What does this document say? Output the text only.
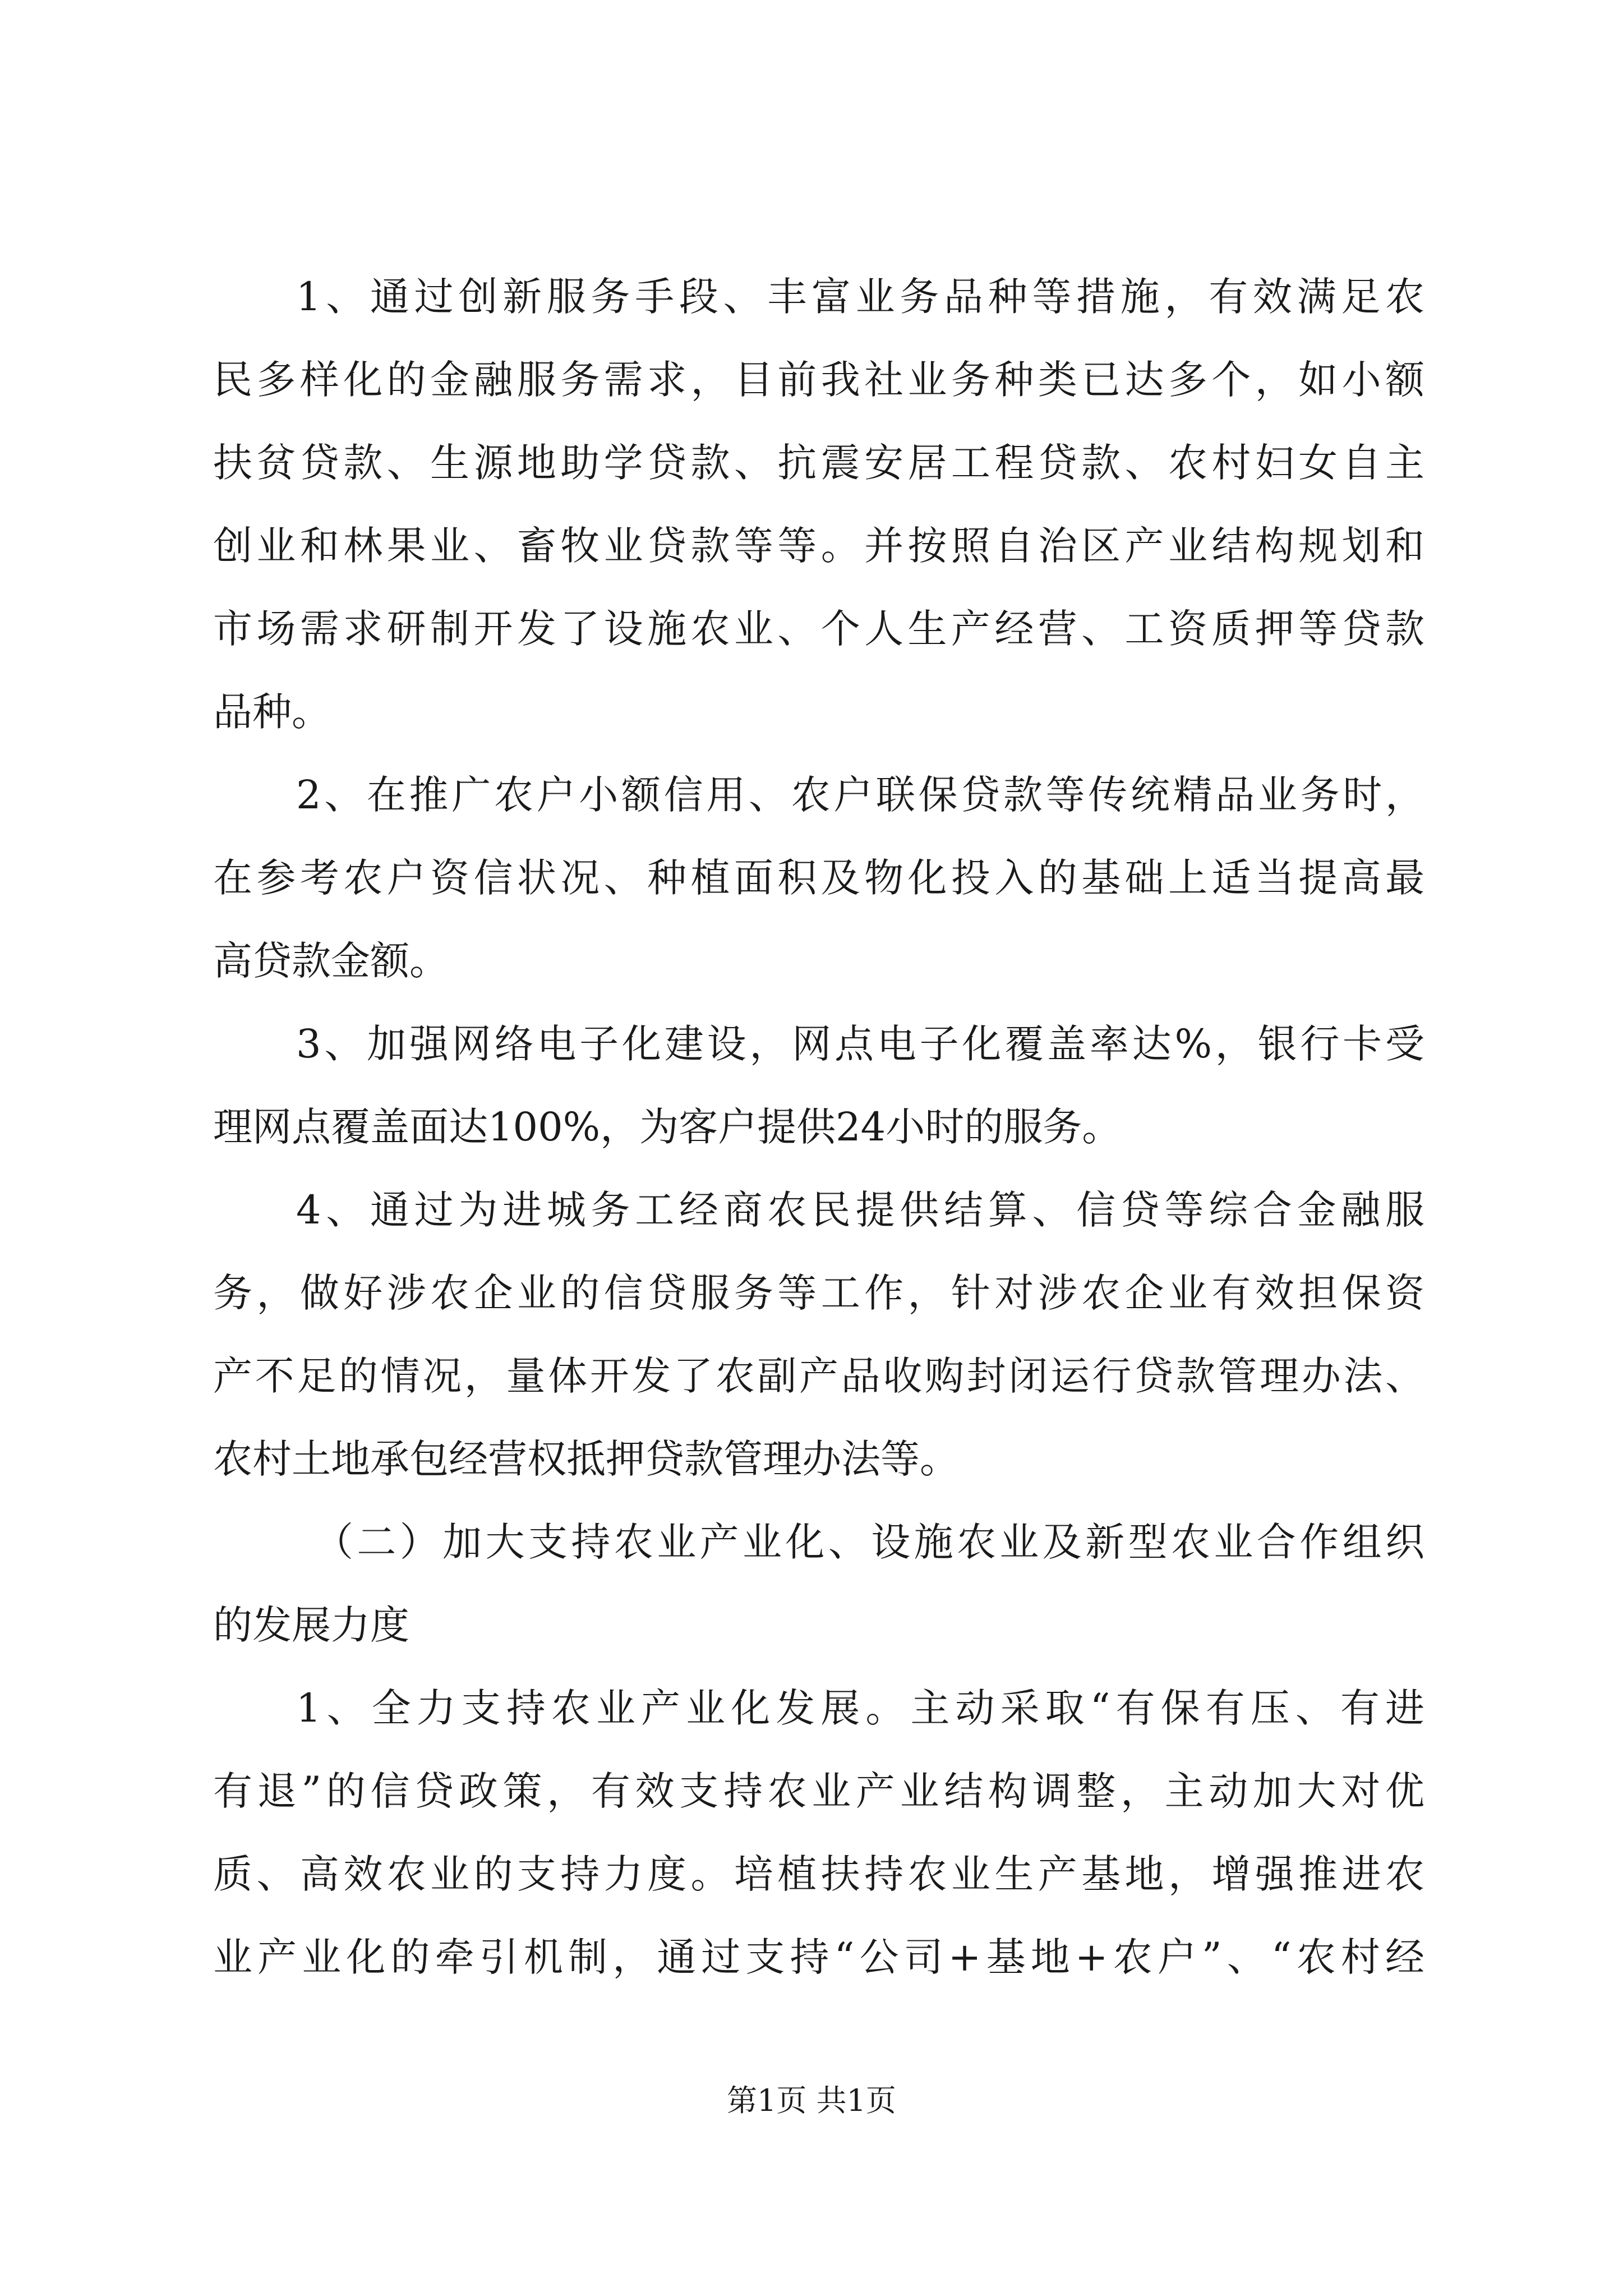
1、通过创新服务手段、丰富业务品种等措施，有效满足农
民多样化的金融服务需求，目前我社业务种类已达多个，如小额
扶贫贷款、生源地助学贷款、抗震安居工程贷款、农村妇女自主
创业和林果业、畜牧业贷款等等。并按照自治区产业结构规划和
市场需求研制开发了设施农业、个人生产经营、工资质押等贷款
品种。
2、在推广农户小额信用、农户联保贷款等传统精品业务时，
在参考农户资信状况、种植面积及物化投入的基础上适当提高最
高贷款金额。
3、加强网络电子化建设，网点电子化覆盖率达%，银行卡受
理网点覆盖面达100%，为客户提供24小时的服务。
4、通过为进城务工经商农民提供结算、信贷等综合金融服
务，做好涉农企业的信贷服务等工作，针对涉农企业有效担保资
产不足的情况，量体开发了农副产品收购封闭运行贷款管理办法、
农村土地承包经营权抵押贷款管理办法等。
（二）加大支持农业产业化、设施农业及新型农业合作组织
的发展力度
1、全力支持农业产业化发展。主动采取“有保有压、有进
有退”的信贷政策，有效支持农业产业结构调整，主动加大对优
质、高效农业的支持力度。培植扶持农业生产基地，增强推进农
业产业化的牵引机制，通过支持“公司+基地+农户”、“农村经
第1页 共1页
